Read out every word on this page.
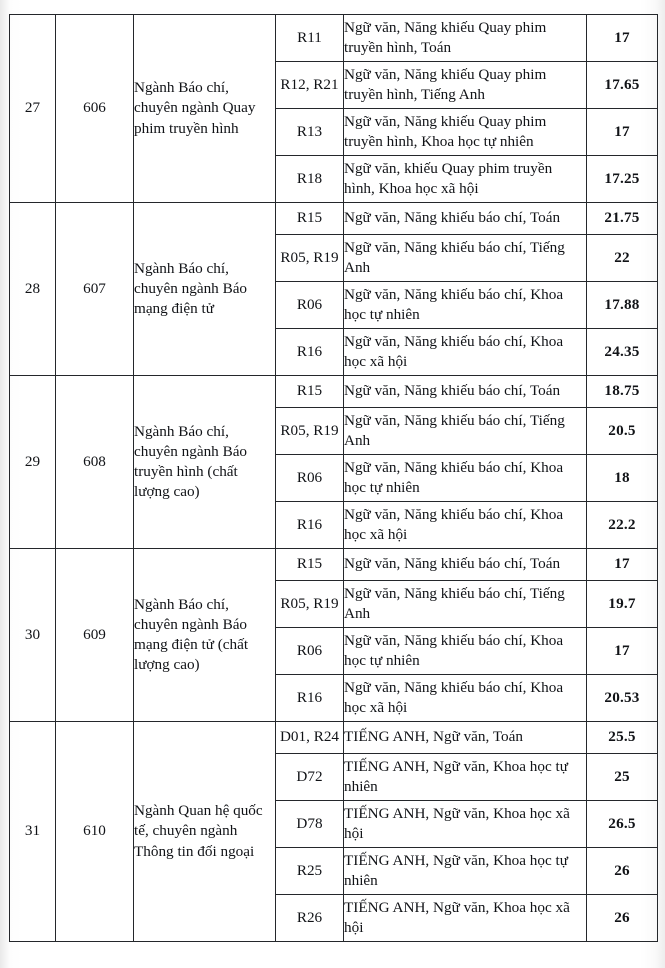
27	606	Ngành Báo chí, chuyên ngành Quay phim truyền hình	R11	Ngữ văn, Năng khiếu Quay phim truyền hình, Toán	17
			R12, R21	Ngữ văn, Năng khiếu Quay phim truyền hình, Tiếng Anh	17.65
			R13	Ngữ văn, Năng khiếu Quay phim truyền hình, Khoa học tự nhiên	17
			R18	Ngữ văn, khiếu Quay phim truyền hình, Khoa học xã hội	17.25
28	607	Ngành Báo chí, chuyên ngành Báo mạng điện tử	R15	Ngữ văn, Năng khiếu báo chí, Toán	21.75
			R05, R19	Ngữ văn, Năng khiếu báo chí, Tiếng Anh	22
			R06	Ngữ văn, Năng khiếu báo chí, Khoa học tự nhiên	17.88
			R16	Ngữ văn, Năng khiếu báo chí, Khoa học xã hội	24.35
29	608	Ngành Báo chí, chuyên ngành Báo truyền hình (chất lượng cao)	R15	Ngữ văn, Năng khiếu báo chí, Toán	18.75
			R05, R19	Ngữ văn, Năng khiếu báo chí, Tiếng Anh	20.5
			R06	Ngữ văn, Năng khiếu báo chí, Khoa học tự nhiên	18
			R16	Ngữ văn, Năng khiếu báo chí, Khoa học xã hội	22.2
30	609	Ngành Báo chí, chuyên ngành Báo mạng điện tử (chất lượng cao)	R15	Ngữ văn, Năng khiếu báo chí, Toán	17
			R05, R19	Ngữ văn, Năng khiếu báo chí, Tiếng Anh	19.7
			R06	Ngữ văn, Năng khiếu báo chí, Khoa học tự nhiên	17
			R16	Ngữ văn, Năng khiếu báo chí, Khoa học xã hội	20.53
31	610	Ngành Quan hệ quốc tế, chuyên ngành Thông tin đối ngoại	D01, R24	TIẾNG ANH, Ngữ văn, Toán	25.5
			D72	TIẾNG ANH, Ngữ văn, Khoa học tự nhiên	25
			D78	TIẾNG ANH, Ngữ văn, Khoa học xã hội	26.5
			R25	TIẾNG ANH, Ngữ văn, Khoa học tự nhiên	26
			R26	TIẾNG ANH, Ngữ văn, Khoa học xã hội	26
